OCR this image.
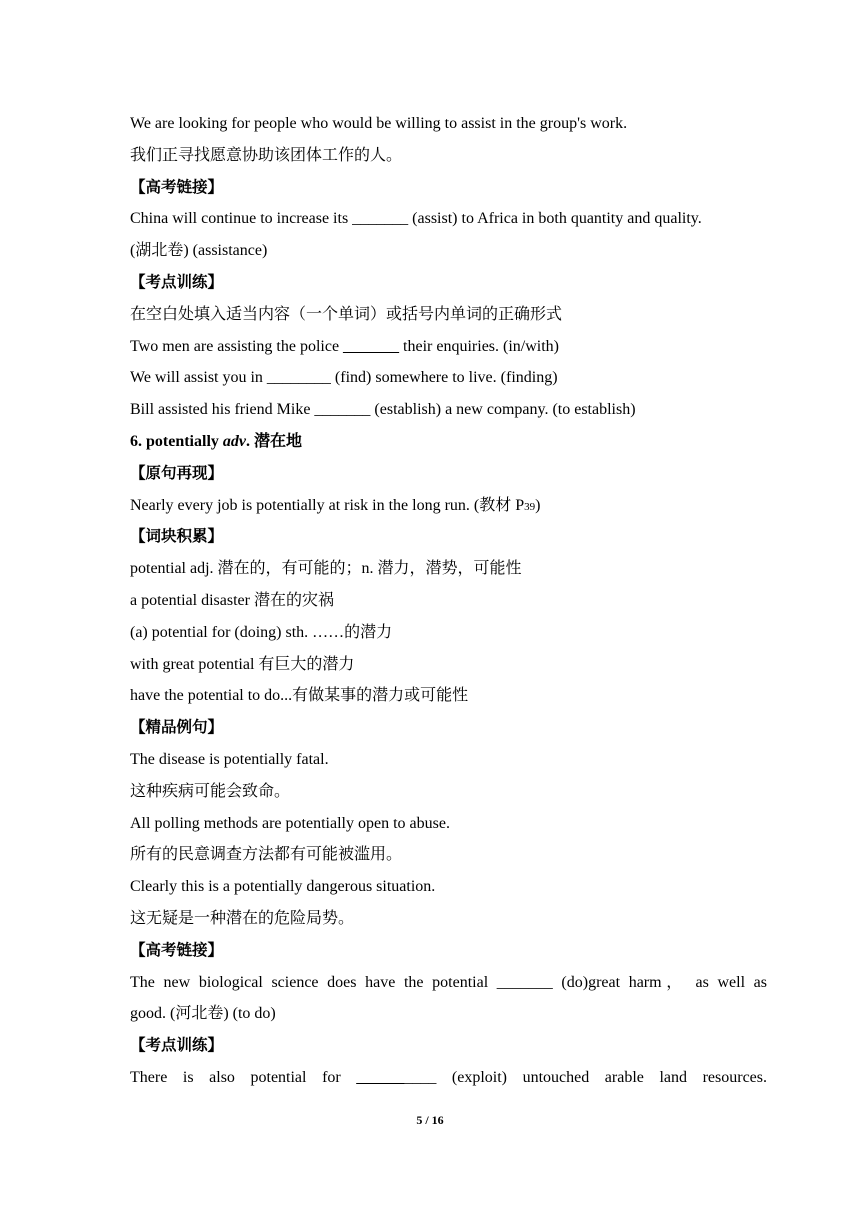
We are looking for people who would be willing to assist in the group's work.
我们正寻找愿意协助该团体工作的人。
【高考链接】
China will continue to increase its _______ (assist) to Africa in both quantity and quality.
(湖北卷) (assistance)
【考点训练】
在空白处填入适当内容（一个单词）或括号内单词的正确形式
Two men are assisting the police _______ their enquiries. (in/with)
We will assist you in ________ (find) somewhere to live. (finding)
Bill assisted his friend Mike _______ (establish) a new company. (to establish)
6. potentially adv. 潜在地
【原句再现】
Nearly every job is potentially at risk in the long run. (教材 P39)
【词块积累】
potential adj. 潜在的，有可能的；n. 潜力，潜势，可能性
a potential disaster 潜在的灾祸
(a) potential for (doing) sth. ……的潜力
with great potential 有巨大的潜力
have the potential to do...有做某事的潜力或可能性
【精品例句】
The disease is potentially fatal.
这种疾病可能会致命。
All polling methods are potentially open to abuse.
所有的民意调查方法都有可能被滥用。
Clearly this is a potentially dangerous situation.
这无疑是一种潜在的危险局势。
【高考链接】
The new biological science does have the potential _______ (do)great harm， as well as
good. (河北卷) (to do)
【考点训练】
There is also potential for __________ (exploit) untouched arable land resources.
5 / 16
